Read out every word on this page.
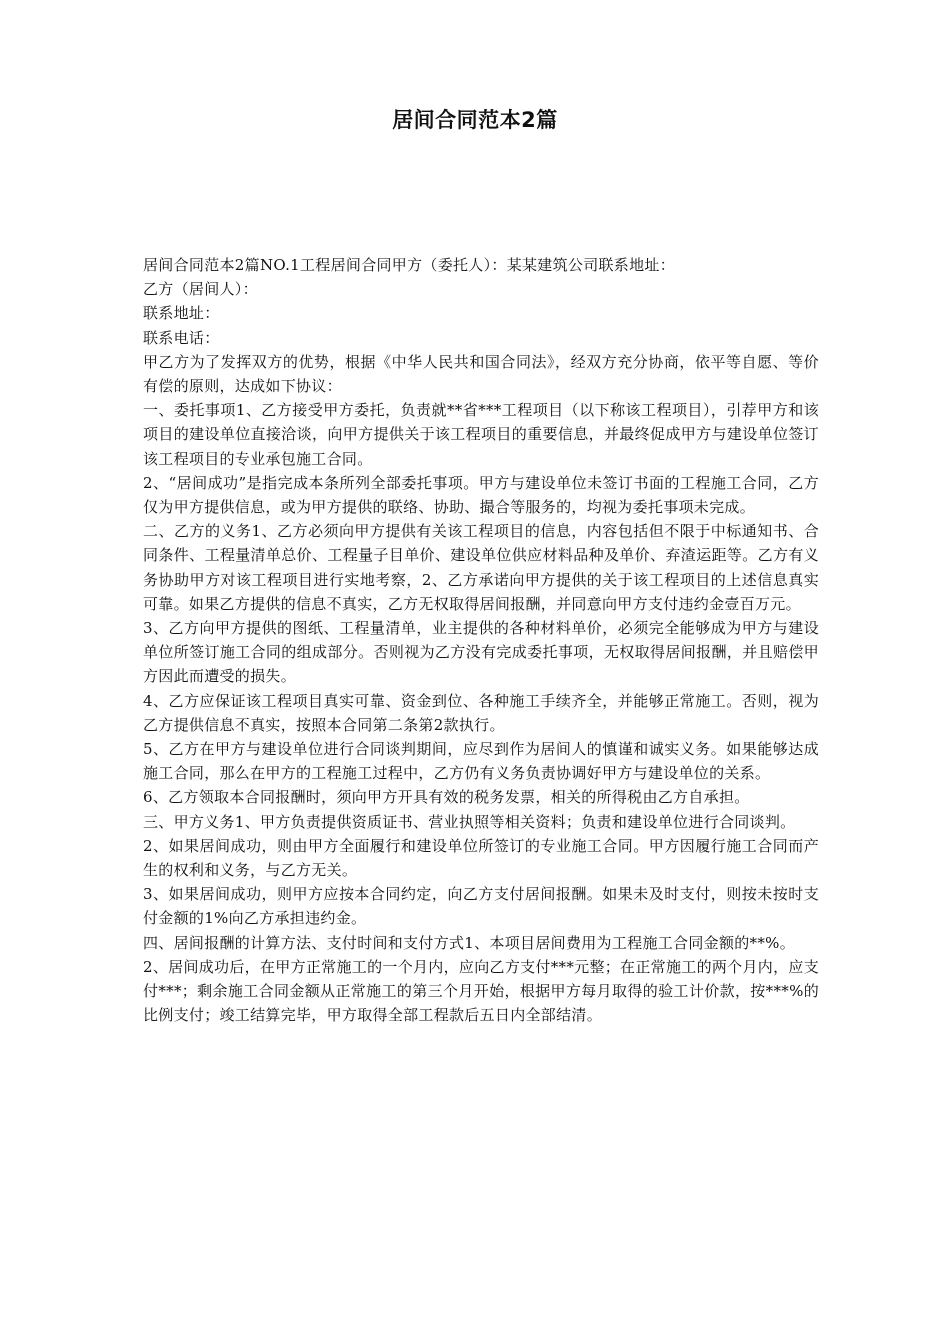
居间合同范本2篇

居间合同范本2篇NO.1工程居间合同甲方（委托人）：某某建筑公司联系地址：

乙方（居间人）：

联系地址：

联系电话：

甲乙方为了发挥双方的优势，根据《中华人民共和国合同法》，经双方充分协商，依平等自愿、等价有偿的原则，达成如下协议：

一、委托事项1、乙方接受甲方委托，负责就**省***工程项目（以下称该工程项目），引荐甲方和该项目的建设单位直接洽谈，向甲方提供关于该工程项目的重要信息，并最终促成甲方与建设单位签订该工程项目的专业承包施工合同。

2、“居间成功”是指完成本条所列全部委托事项。甲方与建设单位未签订书面的工程施工合同，乙方仅为甲方提供信息，或为甲方提供的联络、协助、撮合等服务的，均视为委托事项未完成。

二、乙方的义务1、乙方必须向甲方提供有关该工程项目的信息，内容包括但不限于中标通知书、合同条件、工程量清单总价、工程量子目单价、建设单位供应材料品种及单价、弃渣运距等。乙方有义务协助甲方对该工程项目进行实地考察，2、乙方承诺向甲方提供的关于该工程项目的上述信息真实可靠。如果乙方提供的信息不真实，乙方无权取得居间报酬，并同意向甲方支付违约金壹百万元。

3、乙方向甲方提供的图纸、工程量清单，业主提供的各种材料单价，必须完全能够成为甲方与建设单位所签订施工合同的组成部分。否则视为乙方没有完成委托事项，无权取得居间报酬，并且赔偿甲方因此而遭受的损失。

4、乙方应保证该工程项目真实可靠、资金到位、各种施工手续齐全，并能够正常施工。否则，视为乙方提供信息不真实，按照本合同第二条第2款执行。

5、乙方在甲方与建设单位进行合同谈判期间，应尽到作为居间人的慎谨和诚实义务。如果能够达成施工合同，那么在甲方的工程施工过程中，乙方仍有义务负责协调好甲方与建设单位的关系。

6、乙方领取本合同报酬时，须向甲方开具有效的税务发票，相关的所得税由乙方自承担。

三、甲方义务1、甲方负责提供资质证书、营业执照等相关资料；负责和建设单位进行合同谈判。

2、如果居间成功，则由甲方全面履行和建设单位所签订的专业施工合同。甲方因履行施工合同而产生的权利和义务，与乙方无关。

3、如果居间成功，则甲方应按本合同约定，向乙方支付居间报酬。如果未及时支付，则按未按时支付金额的1%向乙方承担违约金。

四、居间报酬的计算方法、支付时间和支付方式1、本项目居间费用为工程施工合同金额的**%。

2、居间成功后，在甲方正常施工的一个月内，应向乙方支付***元整；在正常施工的两个月内，应支付***；剩余施工合同金额从正常施工的第三个月开始，根据甲方每月取得的验工计价款，按***%的比例支付；竣工结算完毕，甲方取得全部工程款后五日内全部结清。
